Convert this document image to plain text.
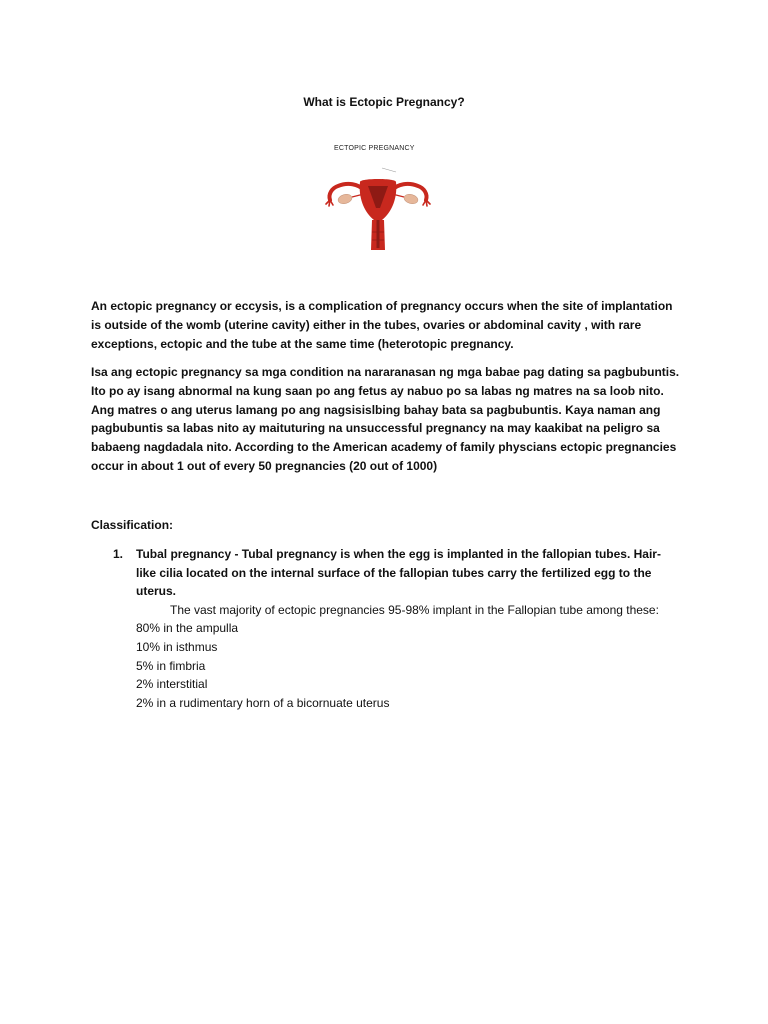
What is Ectopic Pregnancy?
ECTOPIC PREGNANCY
An ectopic pregnancy or eccysis, is a complication of pregnancy occurs when the site of implantation is outside of the womb (uterine cavity) either in the tubes, ovaries or abdominal cavity , with rare exceptions, ectopic and the tube at the same time (heterotopic pregnancy.
Isa ang ectopic pregnancy sa mga condition na nararanasan ng mga babae pag dating sa pagbubuntis. Ito po ay isang abnormal na kung saan po ang fetus ay nabuo po sa labas ng matres na sa loob nito. Ang matres o ang uterus lamang po ang nagsisislbing bahay bata sa pagbubuntis. Kaya naman ang pagbubuntis sa labas nito ay maituturing na unsuccessful pregnancy na may kaakibat na peligro sa babaeng nagdadala nito. According to the American academy of family physcians ectopic pregnancies occur in about 1 out of every 50 pregnancies (20 out of 1000)
Classification:
1. Tubal pregnancy - Tubal pregnancy is when the egg is implanted in the fallopian tubes. Hair-like cilia located on the internal surface of the fallopian tubes carry the fertilized egg to the uterus.
The vast majority of ectopic pregnancies 95-98% implant in the Fallopian tube among these:
80% in the ampulla
10% in isthmus
5% in fimbria
2% interstitial
2% in a rudimentary horn of a bicornuate uterus
